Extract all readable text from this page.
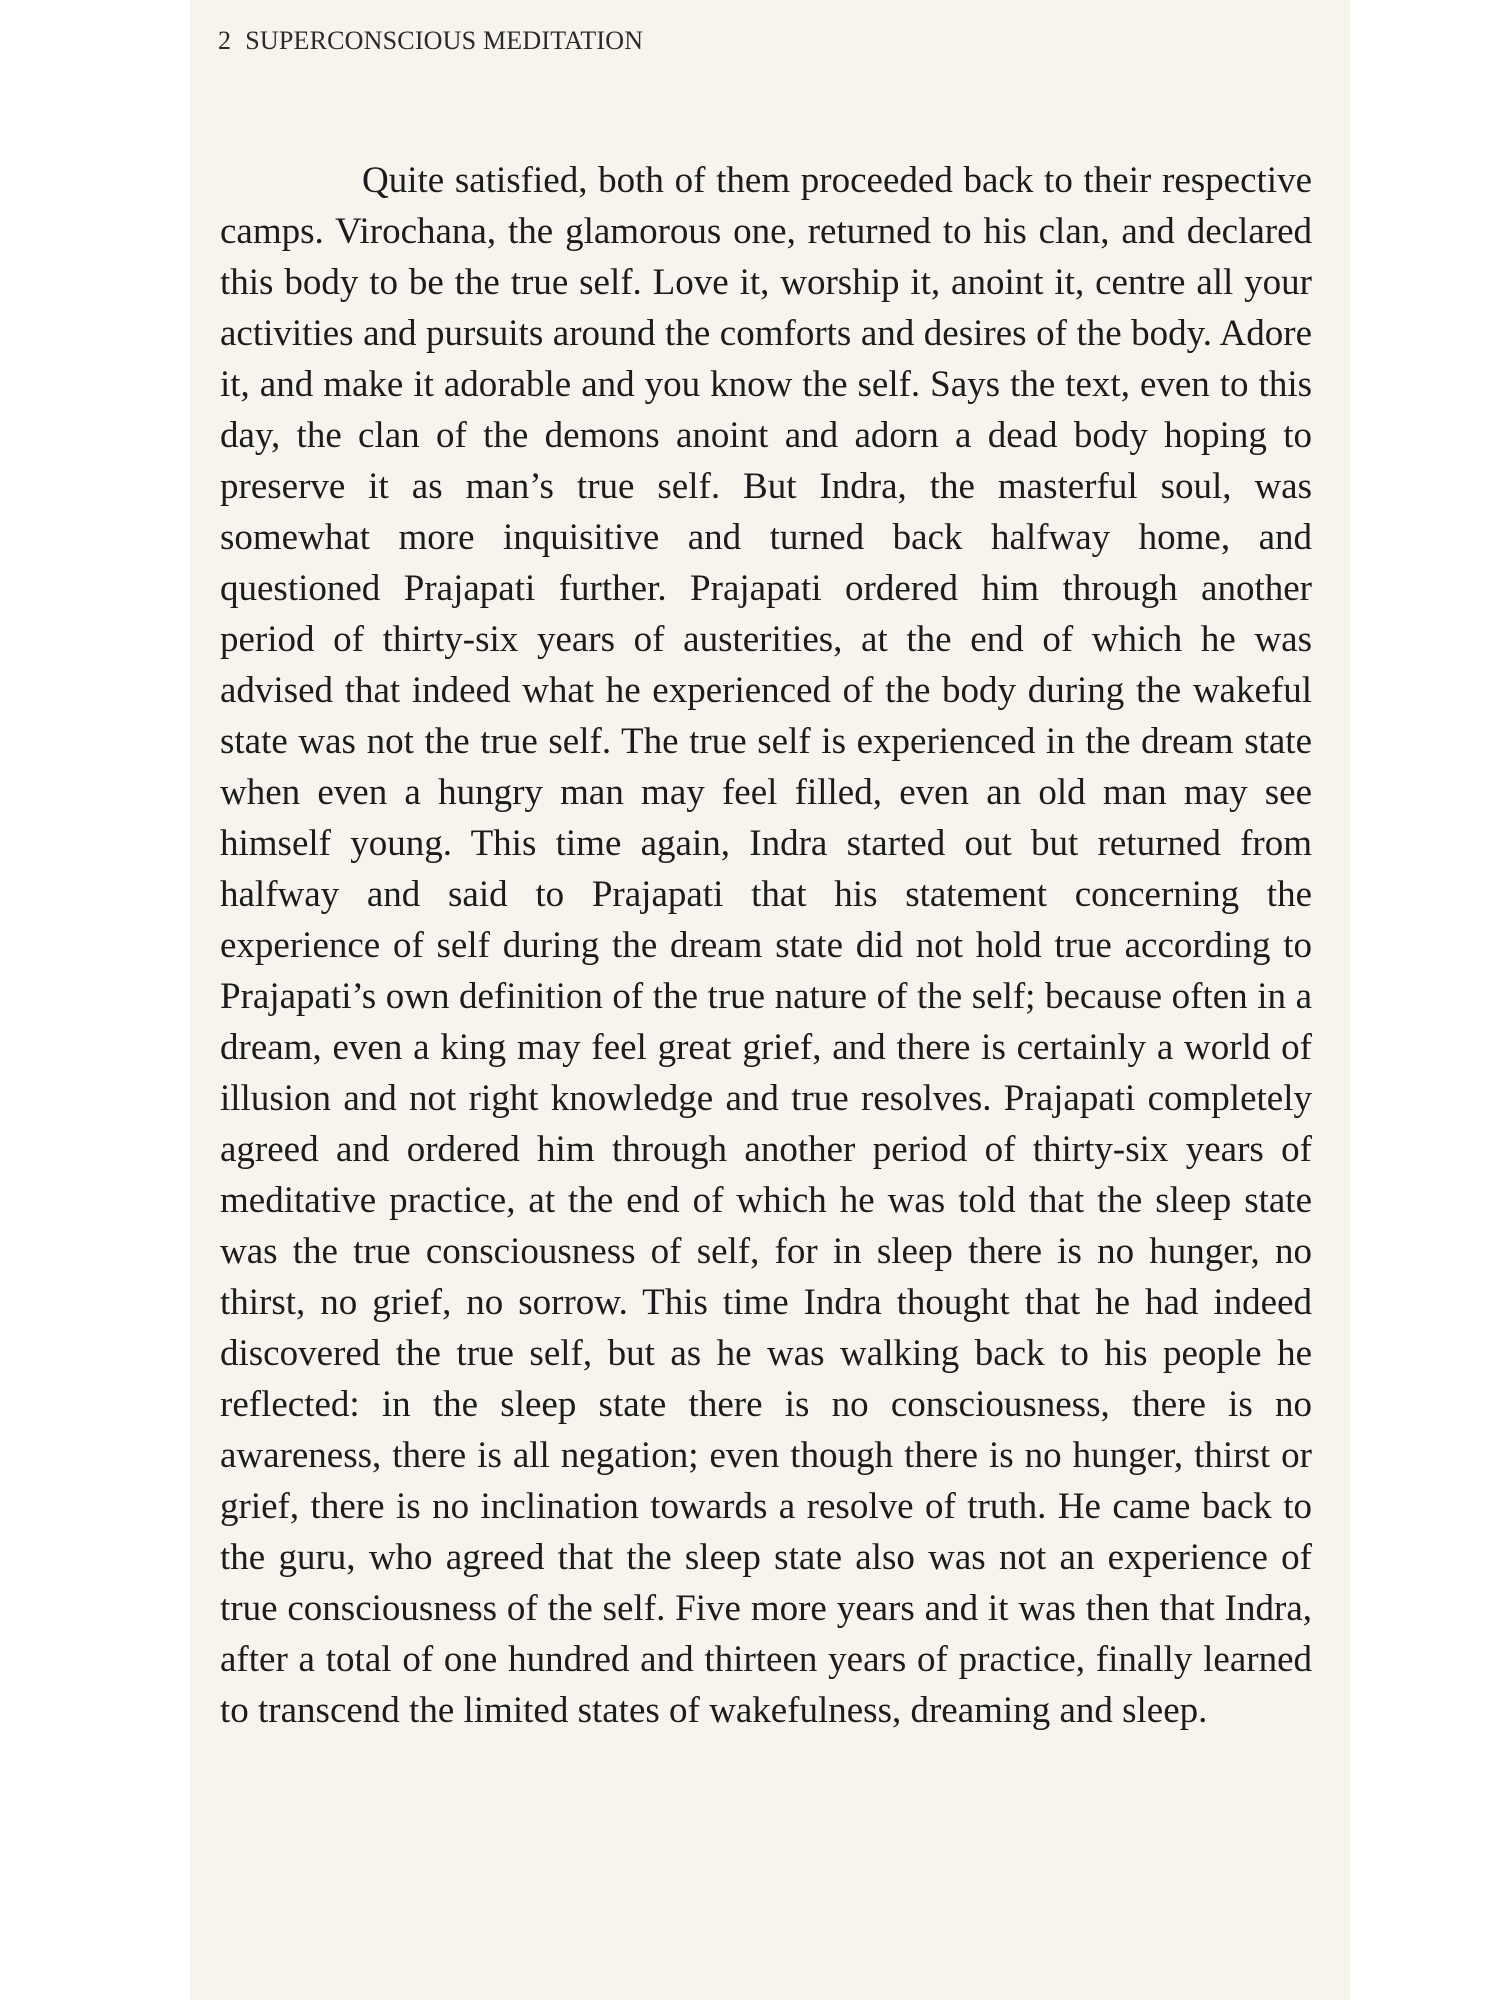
2 SUPERCONSCIOUS MEDITATION

Quite satisfied, both of them proceeded back to their respective camps. Virochana, the glamorous one, returned to his clan, and declared this body to be the true self. Love it, worship it, anoint it, centre all your activities and pursuits around the comforts and desires of the body. Adore it, and make it adorable and you know the self. Says the text, even to this day, the clan of the demons anoint and adorn a dead body hoping to preserve it as man’s true self. But Indra, the masterful soul, was somewhat more inquisitive and turned back halfway home, and questioned Prajapati further. Prajapati ordered him through another period of thirty-six years of austerities, at the end of which he was advised that indeed what he experienced of the body during the wakeful state was not the true self. The true self is experienced in the dream state when even a hungry man may feel filled, even an old man may see himself young. This time again, Indra started out but returned from halfway and said to Prajapati that his statement concerning the experience of self during the dream state did not hold true according to Prajapati’s own definition of the true nature of the self; because often in a dream, even a king may feel great grief, and there is certainly a world of illusion and not right knowledge and true resolves. Prajapati completely agreed and ordered him through another period of thirty-six years of meditative practice, at the end of which he was told that the sleep state was the true consciousness of self, for in sleep there is no hunger, no thirst, no grief, no sorrow. This time Indra thought that he had indeed discovered the true self, but as he was walking back to his people he reflected: in the sleep state there is no consciousness, there is no awareness, there is all negation; even though there is no hunger, thirst or grief, there is no inclination towards a resolve of truth. He came back to the guru, who agreed that the sleep state also was not an experience of true consciousness of the self. Five more years and it was then that Indra, after a total of one hundred and thirteen years of practice, finally learned to transcend the limited states of wakefulness, dreaming and sleep.
